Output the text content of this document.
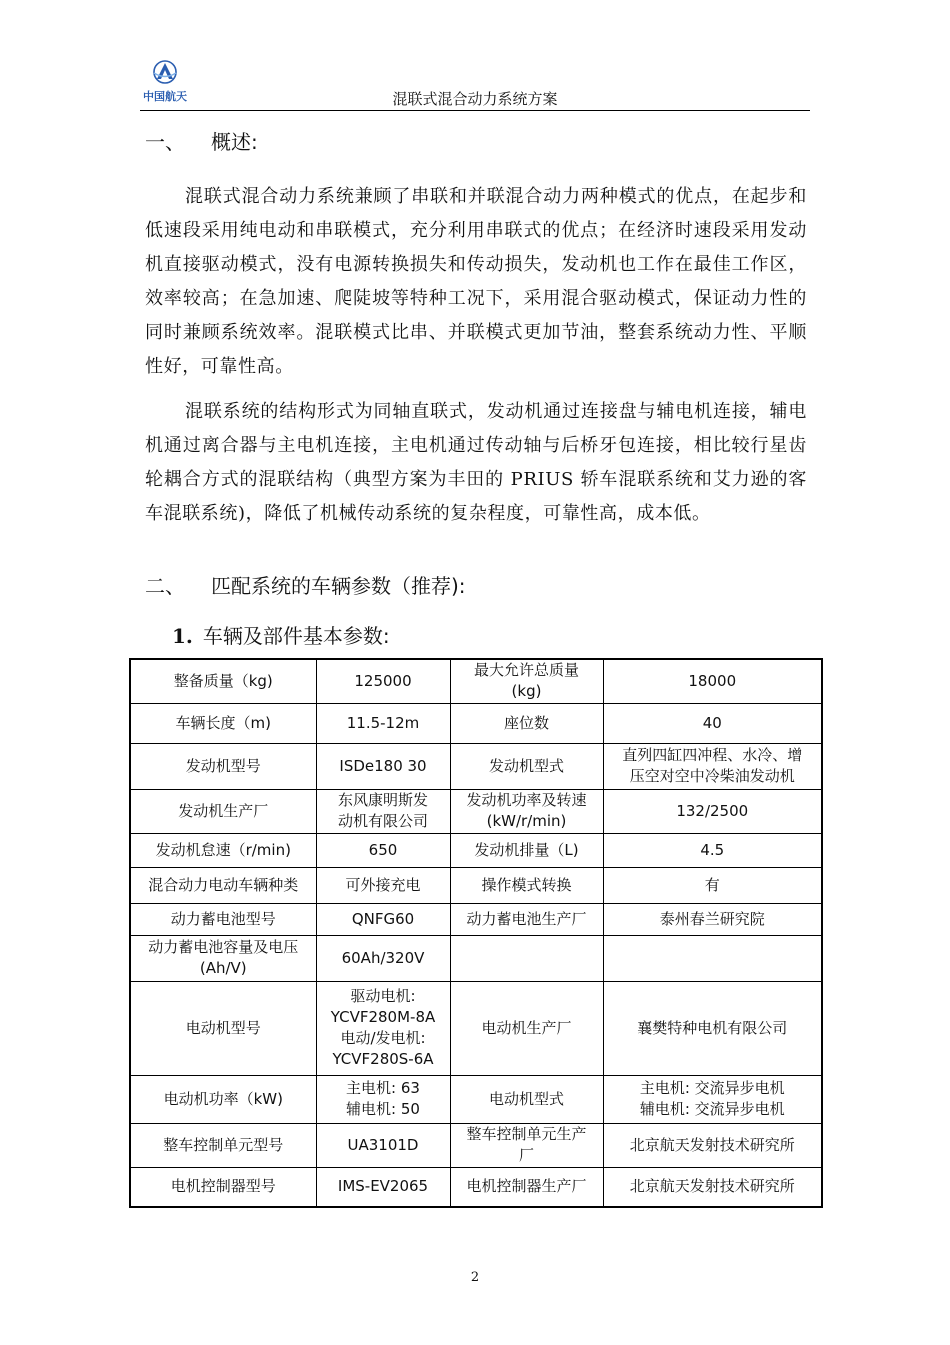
中国航天	混联式混合动力系统方案
一、 概述:
混联式混合动力系统兼顾了串联和并联混合动力两种模式的优点，在起步和低速段采用纯电动和串联模式，充分利用串联式的优点；在经济时速段采用发动机直接驱动模式，没有电源转换损失和传动损失，发动机也工作在最佳工作区，效率较高；在急加速、爬陡坡等特种工况下，采用混合驱动模式，保证动力性的同时兼顾系统效率。混联模式比串、并联模式更加节油，整套系统动力性、平顺性好，可靠性高。
混联系统的结构形式为同轴直联式，发动机通过连接盘与辅电机连接，辅电机通过离合器与主电机连接，主电机通过传动轴与后桥牙包连接，相比较行星齿轮耦合方式的混联结构（典型方案为丰田的 PRIUS 轿车混联系统和艾力逊的客车混联系统)，降低了机械传动系统的复杂程度，可靠性高，成本低。
二、 匹配系统的车辆参数（推荐):
1. 车辆及部件基本参数:
整备质量（kg)	125000	最大允许总质量
(kg)	18000

车辆长度（m)	11.5-12m	座位数	40

发动机型号	ISDe180 30	发动机型式	直列四缸四冲程、水冷、增
压空对空中冷柴油发动机

发动机生产厂	东风康明斯发
动机有限公司	发动机功率及转速
(kW/r/min)	132/2500

发动机怠速（r/min)	650	发动机排量（L)	4.5

混合动力电动车辆种类	可外接充电	操作模式转换	有

动力蓄电池型号	QNFG60	动力蓄电池生产厂	泰州春兰研究院

动力蓄电池容量及电压
(Ah/V)	60Ah/320V		

电动机型号	驱动电机:
YCVF280M-8A
电动/发电机:
YCVF280S-6A	电动机生产厂	襄樊特种电机有限公司

电动机功率（kW)	主电机: 63
辅电机: 50	电动机型式	主电机: 交流异步电机
辅电机: 交流异步电机

整车控制单元型号	UA3101D	整车控制单元生产
厂	北京航天发射技术研究所

电机控制器型号	IMS-EV2065	电机控制器生产厂	北京航天发射技术研究所
2
